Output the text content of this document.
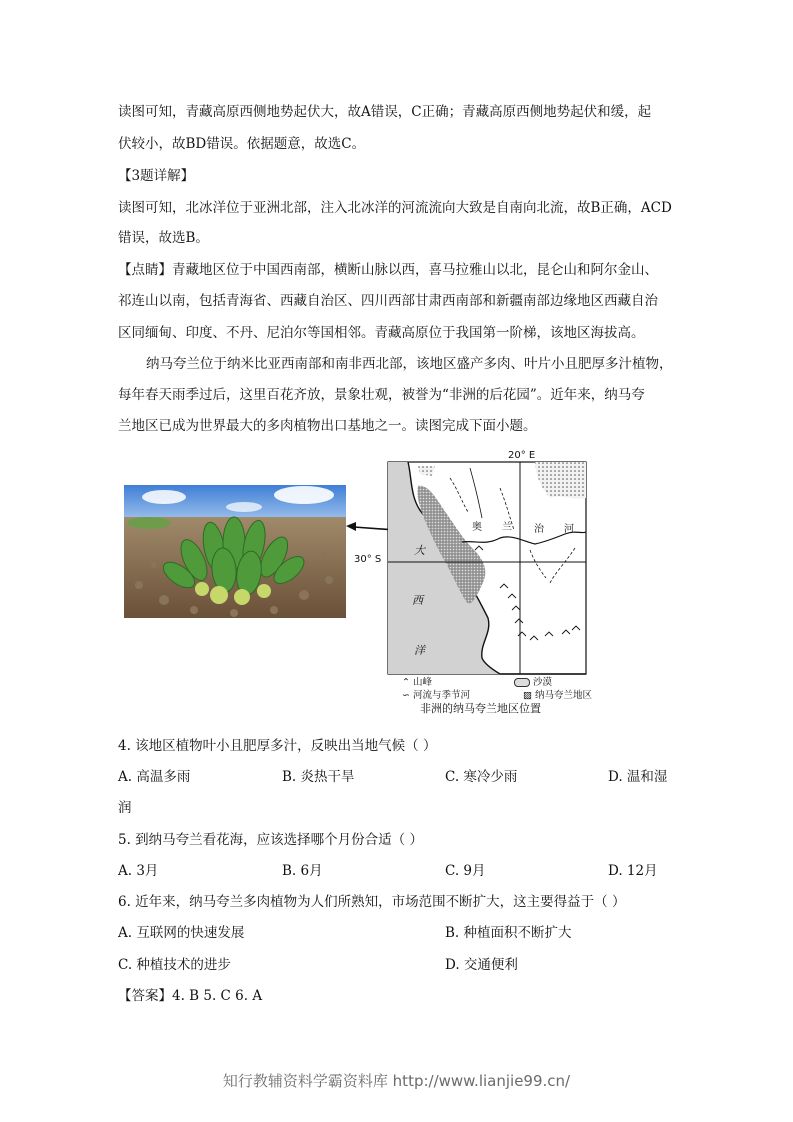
读图可知，青藏高原西侧地势起伏大，故A错误，C正确；青藏高原西侧地势起伏和缓，起
伏较小，故BD错误。依据题意，故选C。
【3题详解】
读图可知，北冰洋位于亚洲北部，注入北冰洋的河流流向大致是自南向北流，故B正确，ACD
错误，故选B。
【点睛】青藏地区位于中国西南部，横断山脉以西，喜马拉雅山以北，昆仑山和阿尔金山、
祁连山以南，包括青海省、西藏自治区、四川西部甘肃西南部和新疆南部边缘地区西藏自治
区同缅甸、印度、不丹、尼泊尔等国相邻。青藏高原位于我国第一阶梯，该地区海拔高。
纳马夸兰位于纳米比亚西南部和南非西北部，该地区盛产多肉、叶片小且肥厚多汁植物，
每年春天雨季过后，这里百花齐放，景象壮观，被誉为“非洲的后花园”。近年来，纳马夸
兰地区已成为世界最大的多肉植物出口基地之一。读图完成下面小题。
20° E
30° S
大
西
洋
奥 兰 治 河
⌃ 山峰	沙漠
∽ 河流与季节河	▨ 纳马夸兰地区
非洲的纳马夸兰地区位置
4. 该地区植物叶小且肥厚多汁，反映出当地气候（ ）
A. 高温多雨	B. 炎热干旱	C. 寒冷少雨	D. 温和湿
润
5. 到纳马夸兰看花海，应该选择哪个月份合适（ ）
A. 3月	B. 6月	C. 9月	D. 12月
6. 近年来，纳马夸兰多肉植物为人们所熟知，市场范围不断扩大，这主要得益于（ ）
A. 互联网的快速发展	B. 种植面积不断扩大
C. 种植技术的进步	D. 交通便利
【答案】4. B 5. C 6. A
知行教辅资料学霸资料库 http://www.lianjie99.cn/
